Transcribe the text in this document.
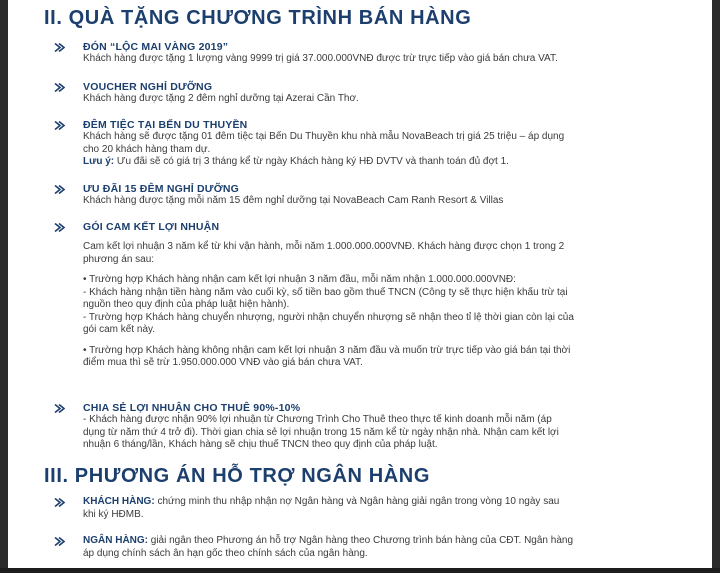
II. QUÀ TẶNG CHƯƠNG TRÌNH BÁN HÀNG
ĐÓN “LỘC MAI VÀNG 2019”

Khách hàng được tặng 1 lượng vàng 9999 trị giá 37.000.000VNĐ được trừ trực tiếp vào giá bán chưa VAT.

VOUCHER NGHỈ DƯỠNG

Khách hàng được tặng 2 đêm nghỉ dưỡng tại Azerai Cần Thơ.

ĐÊM TIỆC TẠI BẾN DU THUYỀN

Khách hàng sẽ được tặng 01 đêm tiệc tại Bến Du Thuyền khu nhà mẫu NovaBeach trị giá 25 triệu – áp dụng

cho 20 khách hàng tham dự.

Lưu ý: Ưu đãi sẽ có giá trị 3 tháng kể từ ngày Khách hàng ký HĐ DVTV và thanh toán đủ đợt 1.

ƯU ĐÃI 15 ĐÊM NGHỈ DƯỠNG

Khách hàng được tặng mỗi năm 15 đêm nghỉ dưỡng tại NovaBeach Cam Ranh Resort & Villas

GÓI CAM KẾT LỢI NHUẬN

Cam kết lợi nhuận 3 năm kể từ khi vận hành, mỗi năm 1.000.000.000VNĐ. Khách hàng được chọn 1 trong 2

phương án sau:

• Trường hợp Khách hàng nhận cam kết lợi nhuận 3 năm đầu, mỗi năm nhận 1.000.000.000VNĐ:

- Khách hàng nhận tiền hàng năm vào cuối kỳ, số tiền bao gồm thuế TNCN (Công ty sẽ thực hiện khấu trừ tại

nguồn theo quy định của pháp luật hiện hành).

- Trường hợp Khách hàng chuyển nhượng, người nhận chuyển nhượng sẽ nhận theo tỉ lệ thời gian còn lại của

gói cam kết này.

• Trường hợp Khách hàng không nhận cam kết lợi nhuận 3 năm đầu và muốn trừ trực tiếp vào giá bán tại thời

điểm mua thì sẽ trừ 1.950.000.000 VNĐ vào giá bán chưa VAT.

CHIA SẺ LỢI NHUẬN CHO THUÊ 90%-10%

- Khách hàng được nhận 90% lợi nhuận từ Chương Trình Cho Thuê theo thực tế kinh doanh mỗi năm (áp

dụng từ năm thứ 4 trở đi). Thời gian chia sẻ lợi nhuận trong 15 năm kể từ ngày nhận nhà. Nhận cam kết lợi

nhuận 6 tháng/lần, Khách hàng sẽ chịu thuế TNCN theo quy định của pháp luật.

III. PHƯƠNG ÁN HỖ TRỢ NGÂN HÀNG

KHÁCH HÀNG: chứng minh thu nhập nhận nợ Ngân hàng và Ngân hàng giải ngân trong vòng 10 ngày sau

khi ký HĐMB.

NGÂN HÀNG: giải ngân theo Phương án hỗ trợ Ngân hàng theo Chương trình bán hàng của CĐT. Ngân hàng

áp dụng chính sách ân hạn gốc theo chính sách của ngân hàng.
